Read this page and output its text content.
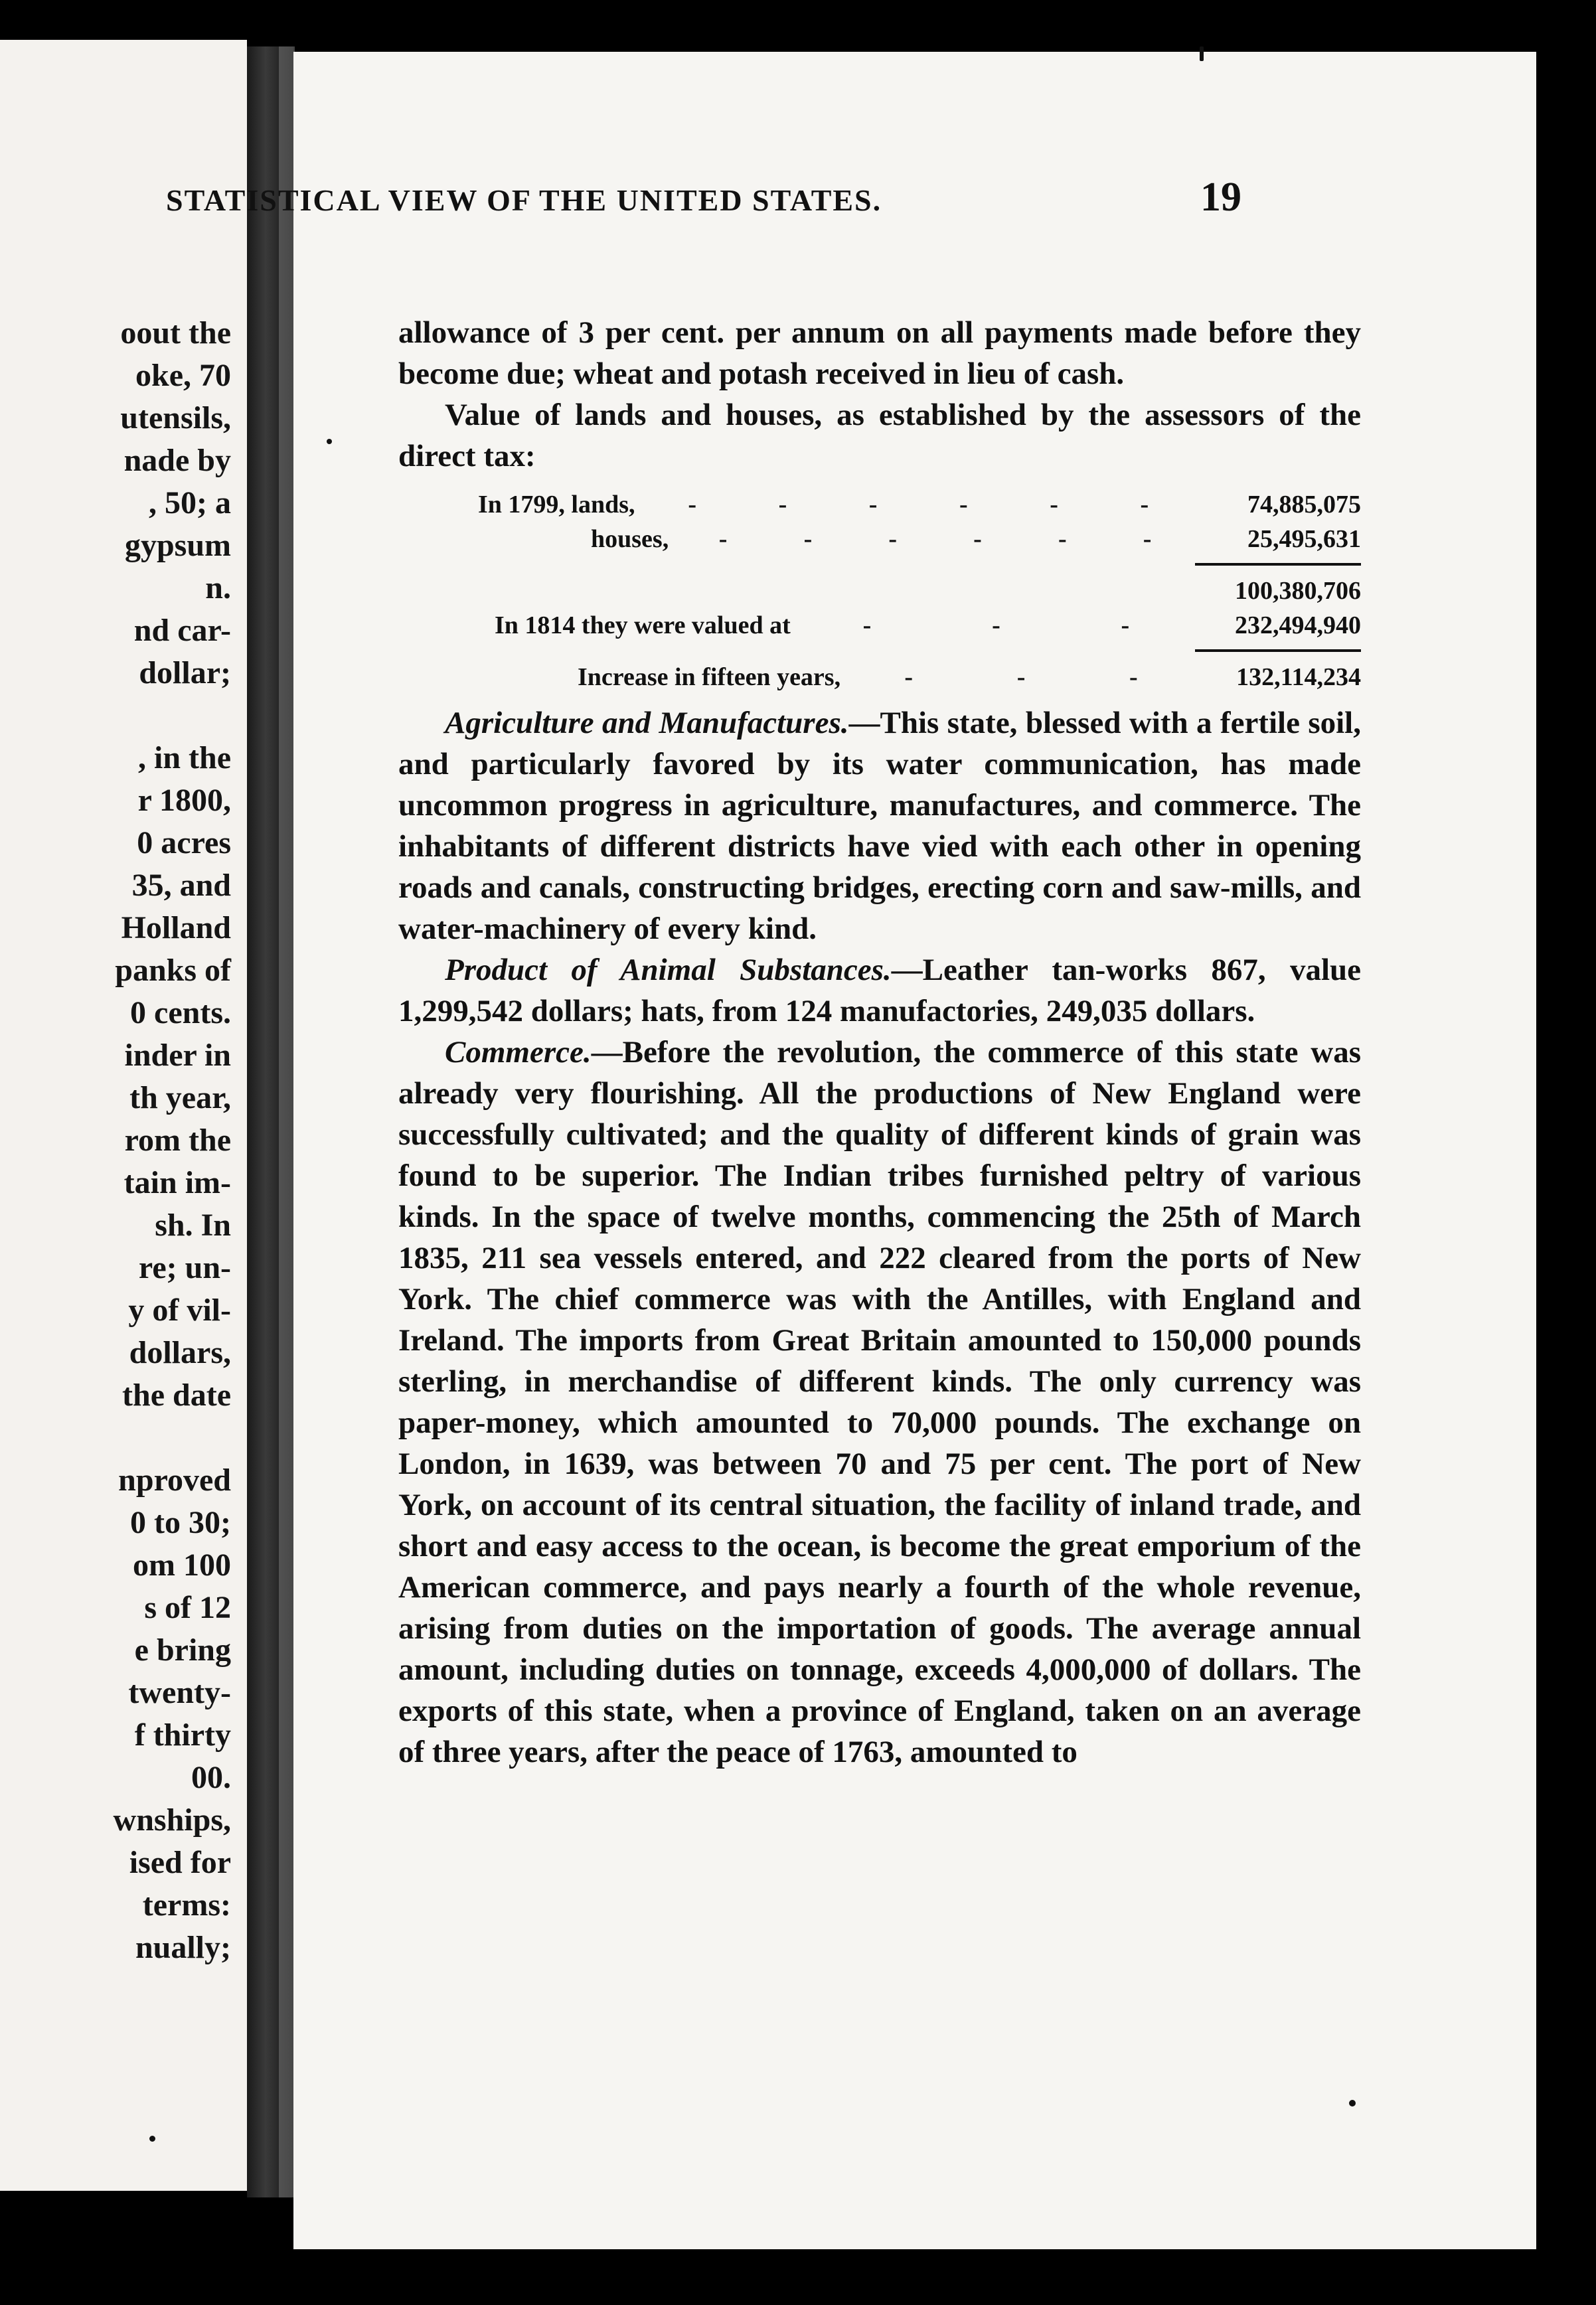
oout the
oke, 70
utensils,
nade by
, 50; a
gypsum
n.
nd car-
dollar;

, in the
r 1800,
0 acres
35, and
Holland
panks of
0 cents.
inder in
th year,
rom the
tain im-
sh. In
re; un-
y of vil-
dollars,
the date

nproved
0 to 30;
om 100
s of 12
e bring
twenty-
f thirty
00.
wnships,
ised for
terms:
nually;
STATISTICAL VIEW OF THE UNITED STATES.	19

allowance of 3 per cent. per annum on all payments made before they become due; wheat and potash received in lieu of cash.

Value of lands and houses, as established by the assessors of the direct tax:

In 1799, lands, -	-	-	-	-	-	74,885,075
houses, -	-	-	-	-	-	25,495,631
100,380,706
In 1814 they were valued at	-	-	-	232,494,940
Increase in fifteen years,	-	-	-	132,114,234

Agriculture and Manufactures.—This state, blessed with a fertile soil, and particularly favored by its water communication, has made uncommon progress in agriculture, manufactures, and commerce. The inhabitants of different districts have vied with each other in opening roads and canals, constructing bridges, erecting corn and saw-mills, and water-machinery of every kind.

Product of Animal Substances.—Leather tan-works 867, value 1,299,542 dollars; hats, from 124 manufactories, 249,035 dollars.

Commerce.—Before the revolution, the commerce of this state was already very flourishing. All the productions of New England were successfully cultivated; and the quality of different kinds of grain was found to be superior. The Indian tribes furnished peltry of various kinds. In the space of twelve months, commencing the 25th of March 1835, 211 sea vessels entered, and 222 cleared from the ports of New York. The chief commerce was with the Antilles, with England and Ireland. The imports from Great Britain amounted to 150,000 pounds sterling, in merchandise of different kinds. The only currency was paper-money, which amounted to 70,000 pounds. The exchange on London, in 1639, was between 70 and 75 per cent. The port of New York, on account of its central situation, the facility of inland trade, and short and easy access to the ocean, is become the great emporium of the American commerce, and pays nearly a fourth of the whole revenue, arising from duties on the importation of goods. The average annual amount, including duties on tonnage, exceeds 4,000,000 of dollars. The exports of this state, when a province of England, taken on an average of three years, after the peace of 1763, amounted to
